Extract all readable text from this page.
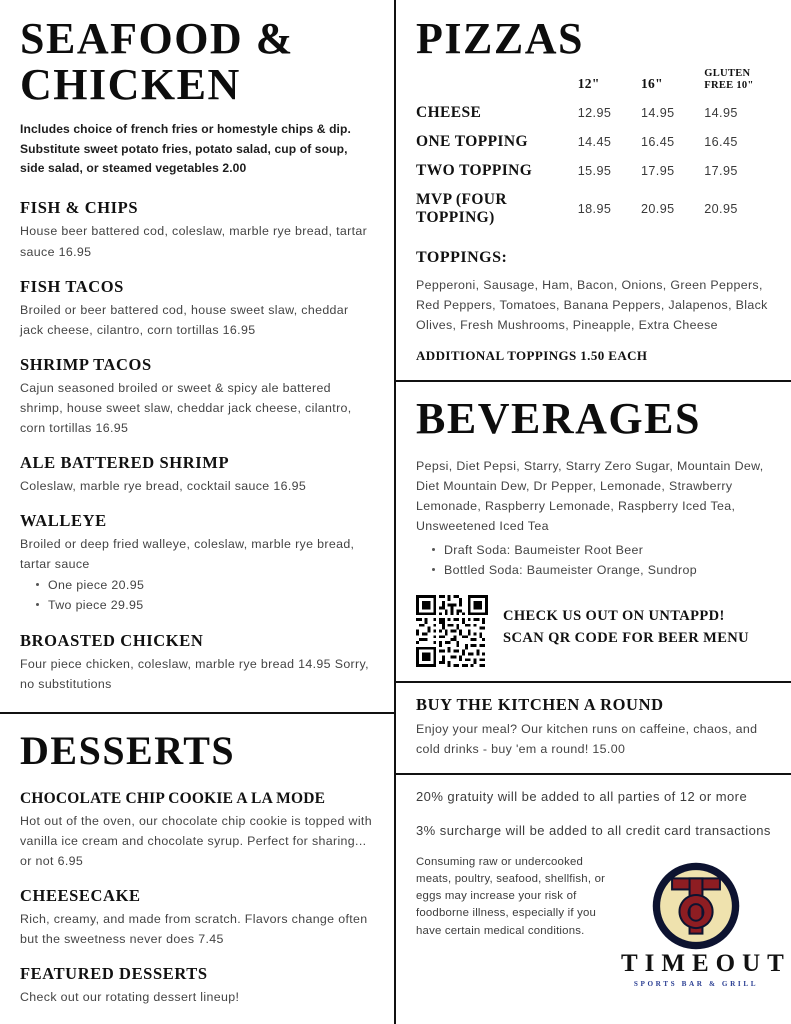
SEAFOOD & CHICKEN
Includes choice of french fries or homestyle chips & dip. Substitute sweet potato fries, potato salad, cup of soup, side salad, or steamed vegetables 2.00
FISH & CHIPS
House beer battered cod, coleslaw, marble rye bread, tartar sauce 16.95
FISH TACOS
Broiled or beer battered cod, house sweet slaw, cheddar jack cheese, cilantro, corn tortillas 16.95
SHRIMP TACOS
Cajun seasoned broiled or sweet & spicy ale battered shrimp, house sweet slaw, cheddar jack cheese, cilantro, corn tortillas 16.95
ALE BATTERED SHRIMP
Coleslaw, marble rye bread, cocktail sauce 16.95
WALLEYE
Broiled or deep fried walleye, coleslaw, marble rye bread, tartar sauce
One piece 20.95
Two piece 29.95
BROASTED CHICKEN
Four piece chicken, coleslaw, marble rye bread 14.95 Sorry, no substitutions
DESSERTS
CHOCOLATE CHIP COOKIE A LA MODE
Hot out of the oven, our chocolate chip cookie is topped with vanilla ice cream and chocolate syrup. Perfect for sharing... or not 6.95
CHEESECAKE
Rich, creamy, and made from scratch. Flavors change often but the sweetness never does 7.45
FEATURED DESSERTS
Check out our rotating dessert lineup!
PIZZAS
	12"	16"	GLUTEN
FREE 10"
CHEESE	12.95	14.95	14.95
ONE TOPPING	14.45	16.45	16.45
TWO TOPPING	15.95	17.95	17.95
MVP (FOUR TOPPING)	18.95	20.95	20.95
TOPPINGS:
Pepperoni, Sausage, Ham, Bacon, Onions, Green Peppers, Red Peppers, Tomatoes, Banana Peppers, Jalapenos, Black Olives, Fresh Mushrooms, Pineapple, Extra Cheese
ADDITIONAL TOPPINGS 1.50 EACH
BEVERAGES
Pepsi, Diet Pepsi, Starry, Starry Zero Sugar, Mountain Dew, Diet Mountain Dew, Dr Pepper, Lemonade, Strawberry Lemonade, Raspberry Lemonade, Raspberry Iced Tea, Unsweetened Iced Tea
Draft Soda: Baumeister Root Beer
Bottled Soda: Baumeister Orange, Sundrop
CHECK US OUT ON UNTAPPD!
SCAN QR CODE FOR BEER MENU
BUY THE KITCHEN A ROUND
Enjoy your meal? Our kitchen runs on caffeine, chaos, and cold drinks - buy 'em a round! 15.00
20% gratuity will be added to all parties of 12 or more
3% surcharge will be added to all credit card transactions
Consuming raw or undercooked meats, poultry, seafood, shellfish, or eggs may increase your risk of foodborne illness, especially if you have certain medical conditions.
TIMEOUT
SPORTS BAR & GRILL
